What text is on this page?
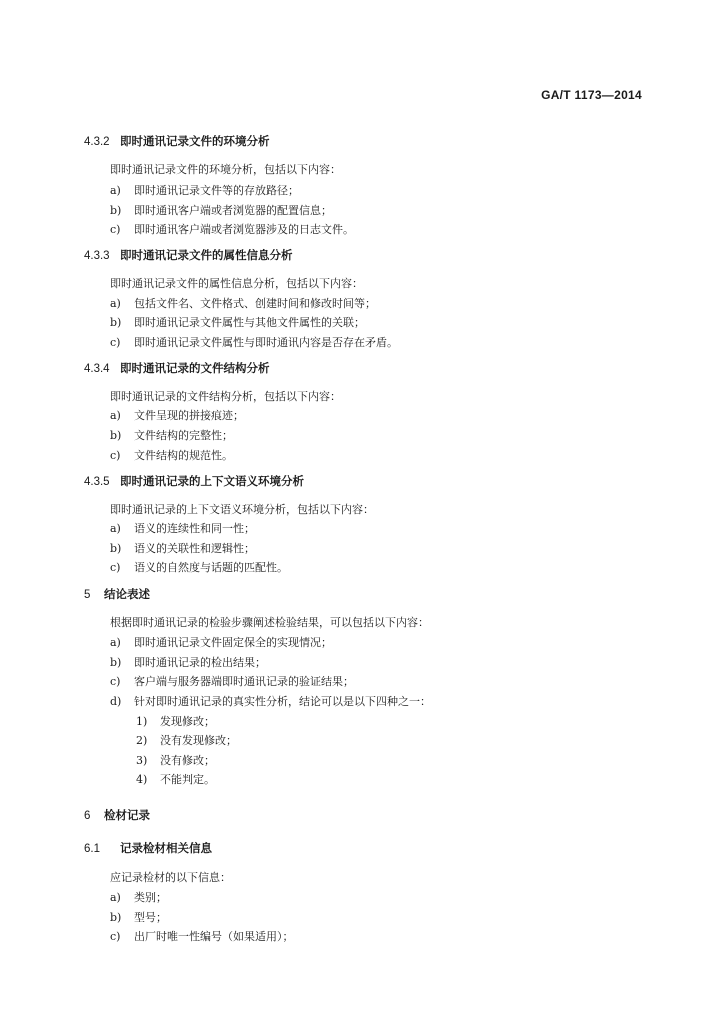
GA/T 1173—2014
4.3.2 即时通讯记录文件的环境分析
即时通讯记录文件的环境分析，包括以下内容：
a) 即时通讯记录文件等的存放路径；
b) 即时通讯客户端或者浏览器的配置信息；
c) 即时通讯客户端或者浏览器涉及的日志文件。
4.3.3 即时通讯记录文件的属性信息分析
即时通讯记录文件的属性信息分析，包括以下内容：
a) 包括文件名、文件格式、创建时间和修改时间等；
b) 即时通讯记录文件属性与其他文件属性的关联；
c) 即时通讯记录文件属性与即时通讯内容是否存在矛盾。
4.3.4 即时通讯记录的文件结构分析
即时通讯记录的文件结构分析，包括以下内容：
a) 文件呈现的拼接痕迹；
b) 文件结构的完整性；
c) 文件结构的规范性。
4.3.5 即时通讯记录的上下文语义环境分析
即时通讯记录的上下文语义环境分析，包括以下内容：
a) 语义的连续性和同一性；
b) 语义的关联性和逻辑性；
c) 语义的自然度与话题的匹配性。
5 结论表述
根据即时通讯记录的检验步骤阐述检验结果，可以包括以下内容：
a) 即时通讯记录文件固定保全的实现情况；
b) 即时通讯记录的检出结果；
c) 客户端与服务器端即时通讯记录的验证结果；
d) 针对即时通讯记录的真实性分析，结论可以是以下四种之一：
1) 发现修改；
2) 没有发现修改；
3) 没有修改；
4) 不能判定。
6 检材记录
6.1 记录检材相关信息
应记录检材的以下信息：
a) 类别；
b) 型号；
c) 出厂时唯一性编号（如果适用）；
